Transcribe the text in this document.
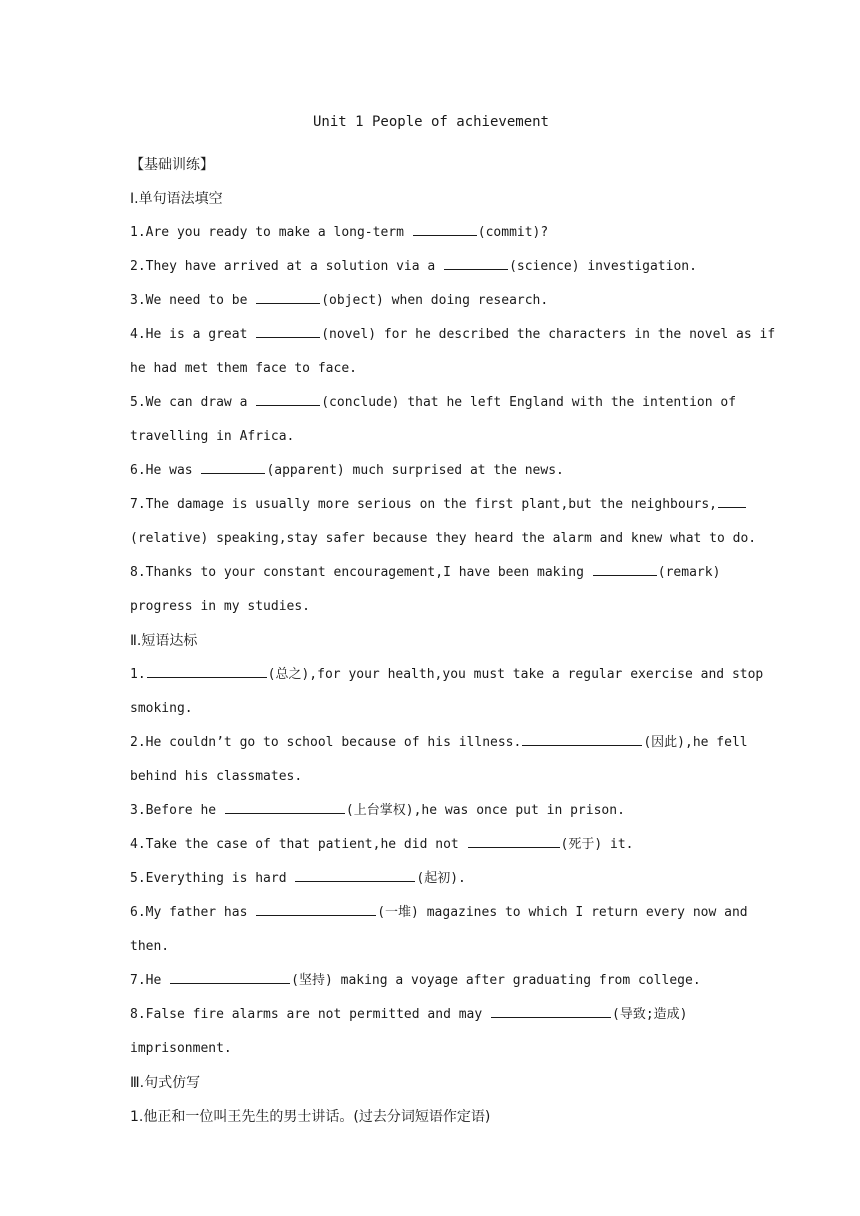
Unit 1 People of achievement
【基础训练】
Ⅰ.单句语法填空
1.Are you ready to make a long-term	(commit)?
2.They have arrived at a solution via a	(science) investigation.
3.We need to be	(object) when doing research.
4.He is a great	(novel) for he described the characters in the novel as if
he had met them face to face.
5.We can draw a	(conclude) that he left England with the intention of
travelling in Africa.
6.He was	(apparent) much surprised at the news.
7.The damage is usually more serious on the first plant,but the neighbours,
(relative) speaking,stay safer because they heard the alarm and knew what to do.
8.Thanks to your constant encouragement,I have been making	(remark)
progress in my studies.
Ⅱ.短语达标
1.	(总之),for your health,you must take a regular exercise and stop
smoking.
2.He couldn’t go to school because of his illness.	(因此),he fell
behind his classmates.
3.Before he	(上台掌权),he was once put in prison.
4.Take the case of that patient,he did not	(死于) it.
5.Everything is hard	(起初).
6.My father has	(一堆) magazines to which I return every now and
then.
7.He	(坚持) making a voyage after graduating from college.
8.False fire alarms are not permitted and may	(导致;造成)
imprisonment.
Ⅲ.句式仿写
1.他正和一位叫王先生的男士讲话。(过去分词短语作定语)
